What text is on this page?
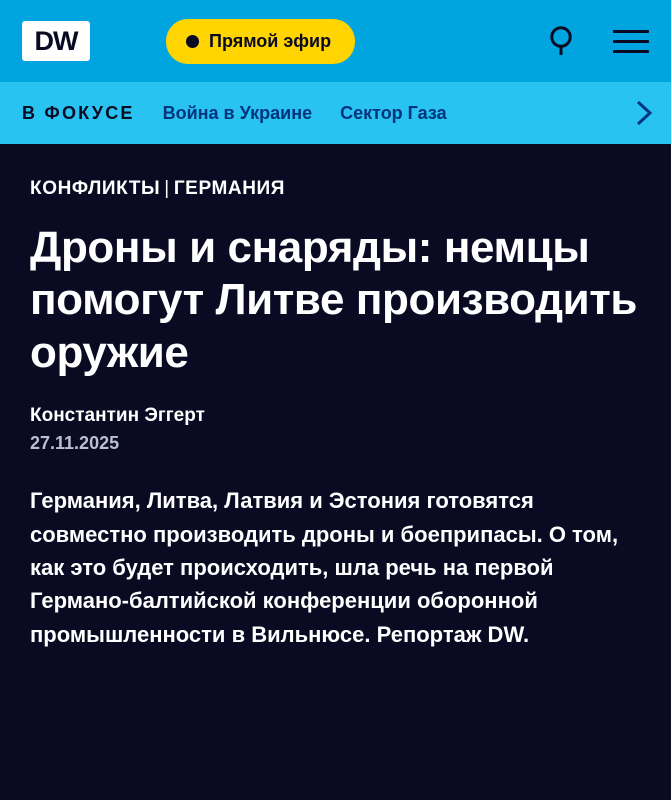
DW	Прямой эфир
В ФОКУСЕ Война в Украине Сектор Газа
КОНФЛИКТЫ | ГЕРМАНИЯ
Дроны и снаряды: немцы помогут Литве производить оружие
Константин Эггерт
27.11.2025

Германия, Литва, Латвия и Эстония готовятся совместно производить дроны и боеприпасы. О том, как это будет происходить, шла речь на первой Германо-балтийской конференции оборонной промышленности в Вильнюсе. Репортаж DW.
